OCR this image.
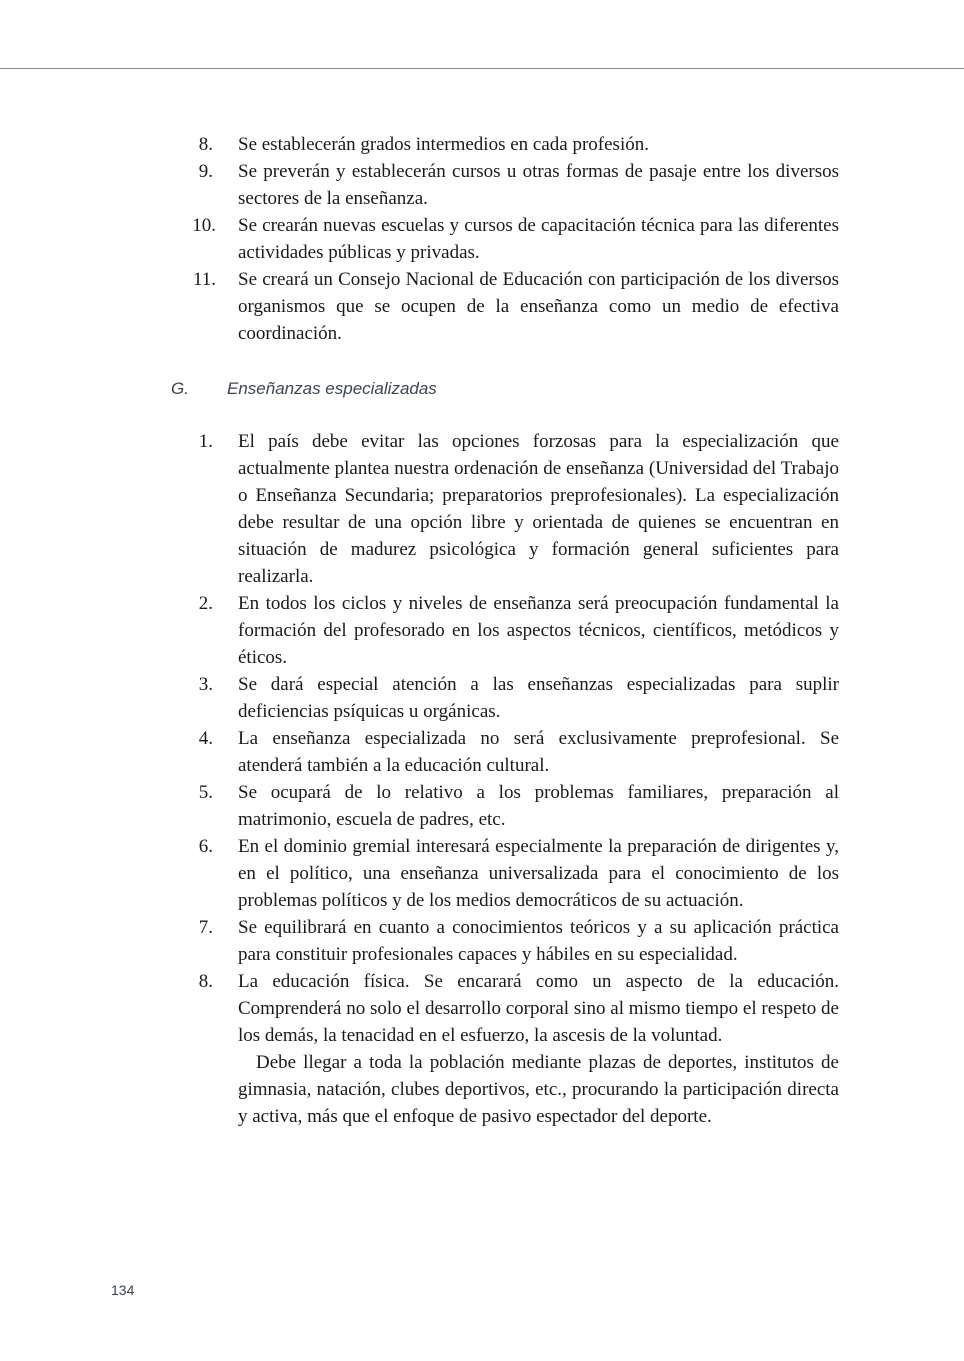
8. Se establecerán grados intermedios en cada profesión.
9. Se preverán y establecerán cursos u otras formas de pasaje entre los diversos sectores de la enseñanza.
10. Se crearán nuevas escuelas y cursos de capacitación técnica para las diferentes actividades públicas y privadas.
11. Se creará un Consejo Nacional de Educación con participación de los diversos organismos que se ocupen de la enseñanza como un medio de efectiva coordinación.
G. Enseñanzas especializadas
1. El país debe evitar las opciones forzosas para la especialización que actualmente plantea nuestra ordenación de enseñanza (Universidad del Trabajo o Enseñanza Secundaria; preparatorios preprofesionales). La especialización debe resultar de una opción libre y orientada de quienes se encuentran en situación de madurez psicológica y formación general suficientes para realizarla.
2. En todos los ciclos y niveles de enseñanza será preocupación fundamental la formación del profesorado en los aspectos técnicos, científicos, metódicos y éticos.
3. Se dará especial atención a las enseñanzas especializadas para suplir deficiencias psíquicas u orgánicas.
4. La enseñanza especializada no será exclusivamente preprofesional. Se atenderá también a la educación cultural.
5. Se ocupará de lo relativo a los problemas familiares, preparación al matrimonio, escuela de padres, etc.
6. En el dominio gremial interesará especialmente la preparación de dirigentes y, en el político, una enseñanza universalizada para el conocimiento de los problemas políticos y de los medios democráticos de su actuación.
7. Se equilibrará en cuanto a conocimientos teóricos y a su aplicación práctica para constituir profesionales capaces y hábiles en su especialidad.
8. La educación física. Se encarará como un aspecto de la educación. Comprenderá no solo el desarrollo corporal sino al mismo tiempo el respeto de los demás, la tenacidad en el esfuerzo, la ascesis de la voluntad.
Debe llegar a toda la población mediante plazas de deportes, institutos de gimnasia, natación, clubes deportivos, etc., procurando la participación directa y activa, más que el enfoque de pasivo espectador del deporte.
134
